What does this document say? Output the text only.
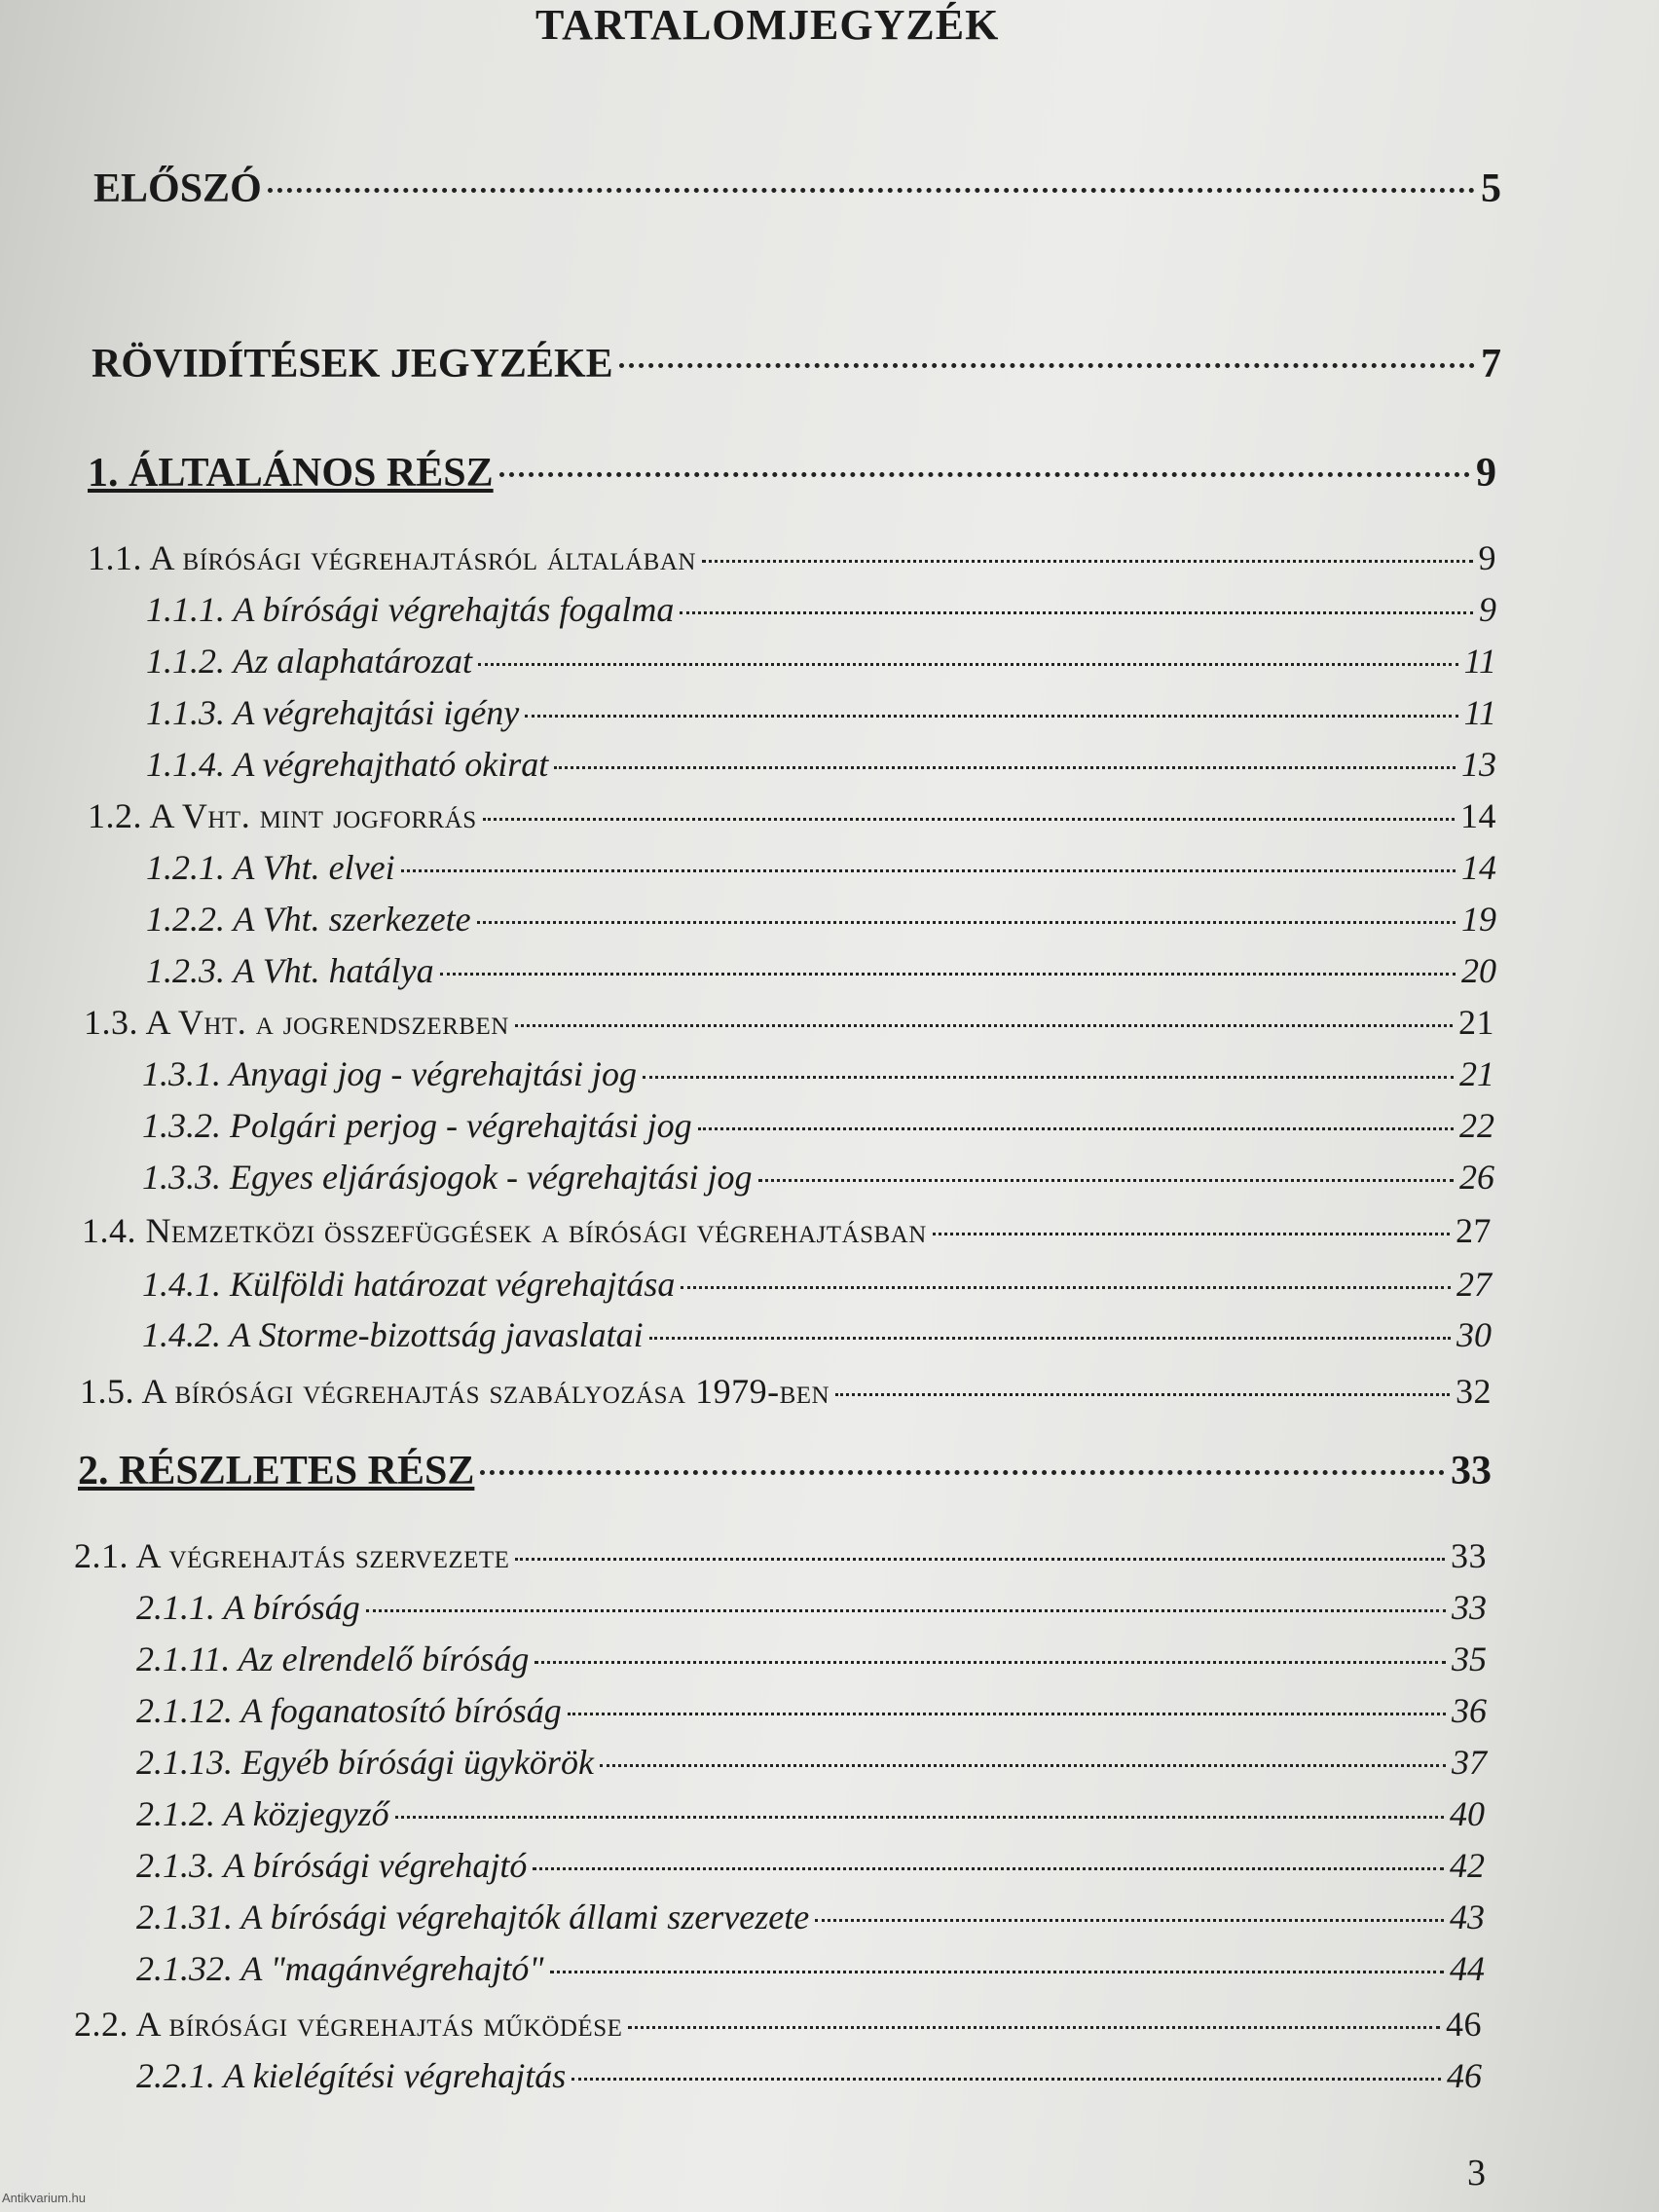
TARTALOMJEGYZÉK
ELŐSZÓ	5
RÖVIDÍTÉSEK JEGYZÉKE	7
1. ÁLTALÁNOS RÉSZ	9
1.1. A bírósági végrehajtásról általában	9
1.1.1. A bírósági végrehajtás fogalma	9
1.1.2. Az alaphatározat	11
1.1.3. A végrehajtási igény	11
1.1.4. A végrehajtható okirat	13
1.2. A Vht. mint jogforrás	14
1.2.1. A Vht. elvei	14
1.2.2. A Vht. szerkezete	19
1.2.3. A Vht. hatálya	20
1.3. A Vht. a jogrendszerben	21
1.3.1. Anyagi jog - végrehajtási jog	21
1.3.2. Polgári perjog - végrehajtási jog	22
1.3.3. Egyes eljárásjogok - végrehajtási jog	26
1.4. Nemzetközi összefüggések a bírósági végrehajtásban	27
1.4.1. Külföldi határozat végrehajtása	27
1.4.2. A Storme-bizottság javaslatai	30
1.5. A bírósági végrehajtás szabályozása 1979-ben	32
2. RÉSZLETES RÉSZ	33
2.1. A végrehajtás szervezete	33
2.1.1. A bíróság	33
2.1.11. Az elrendelő bíróság	35
2.1.12. A foganatosító bíróság	36
2.1.13. Egyéb bírósági ügykörök	37
2.1.2. A közjegyző	40
2.1.3. A bírósági végrehajtó	42
2.1.31. A bírósági végrehajtók állami szervezete	43
2.1.32. A "magánvégrehajtó"	44
2.2. A bírósági végrehajtás működése	46
2.2.1. A kielégítési végrehajtás	46
3
Antikvarium.hu
